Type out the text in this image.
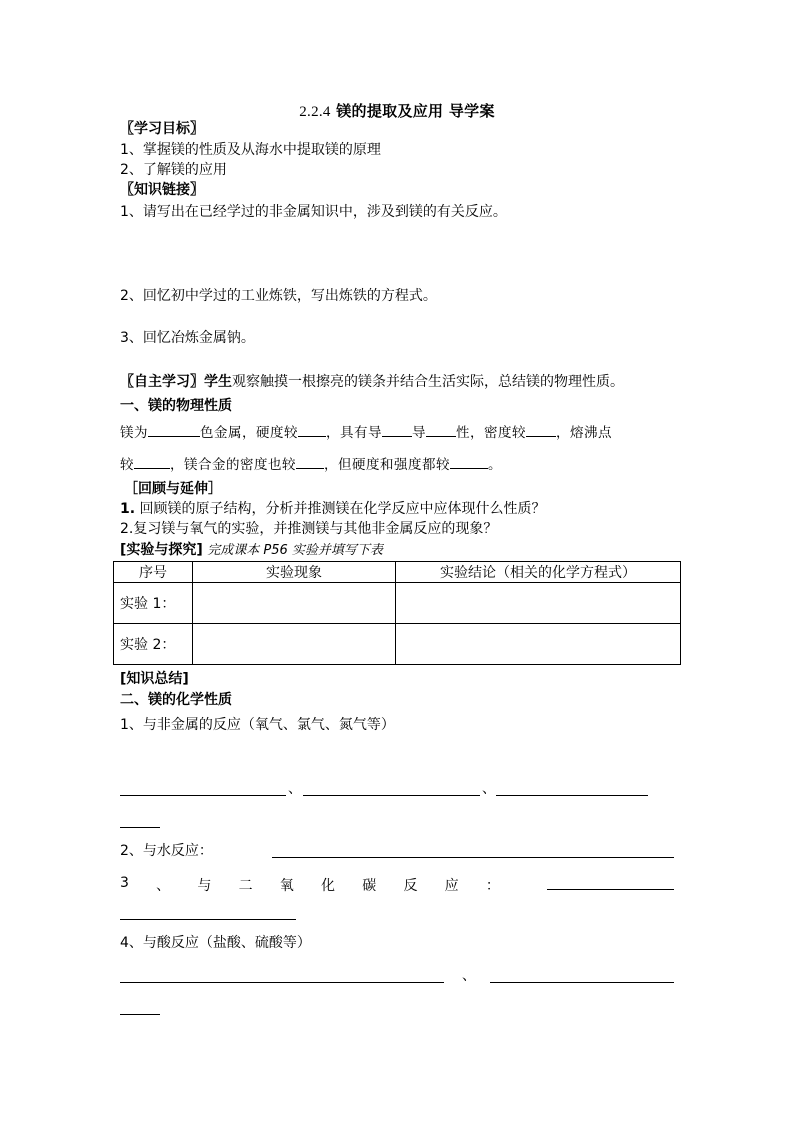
2.2.4 镁的提取及应用 导学案
〖学习目标〗
1、掌握镁的性质及从海水中提取镁的原理
2、了解镁的应用
〖知识链接〗
1、请写出在已经学过的非金属知识中，涉及到镁的有关反应。
2、回忆初中学过的工业炼铁，写出炼铁的方程式。
3、回忆冶炼金属钠。
〖自主学习〗学生观察触摸一根擦亮的镁条并结合生活实际，总结镁的物理性质。
一、镁的物理性质
镁为	色金属，硬度较 ，具有导 导 性，密度较 ，熔沸点
较	，镁合金的密度也较 ，但硬度和强度都较	。
［回顾与延伸］
1. 回顾镁的原子结构，分析并推测镁在化学反应中应体现什么性质？
2.复习镁与氧气的实验，并推测镁与其他非金属反应的现象？
[实验与探究] 完成课本 P56 实验并填写下表
序号	实验现象	实验结论（相关的化学方程式）
实验 1：		
实验 2：		
[知识总结]
二、镁的化学性质
1、与非金属的反应（氧气、氯气、氮气等）
、	、
2、与水反应：
3 、 与 二 氧 化 碳 反 应 ：
4、与酸反应（盐酸、硫酸等）
、
